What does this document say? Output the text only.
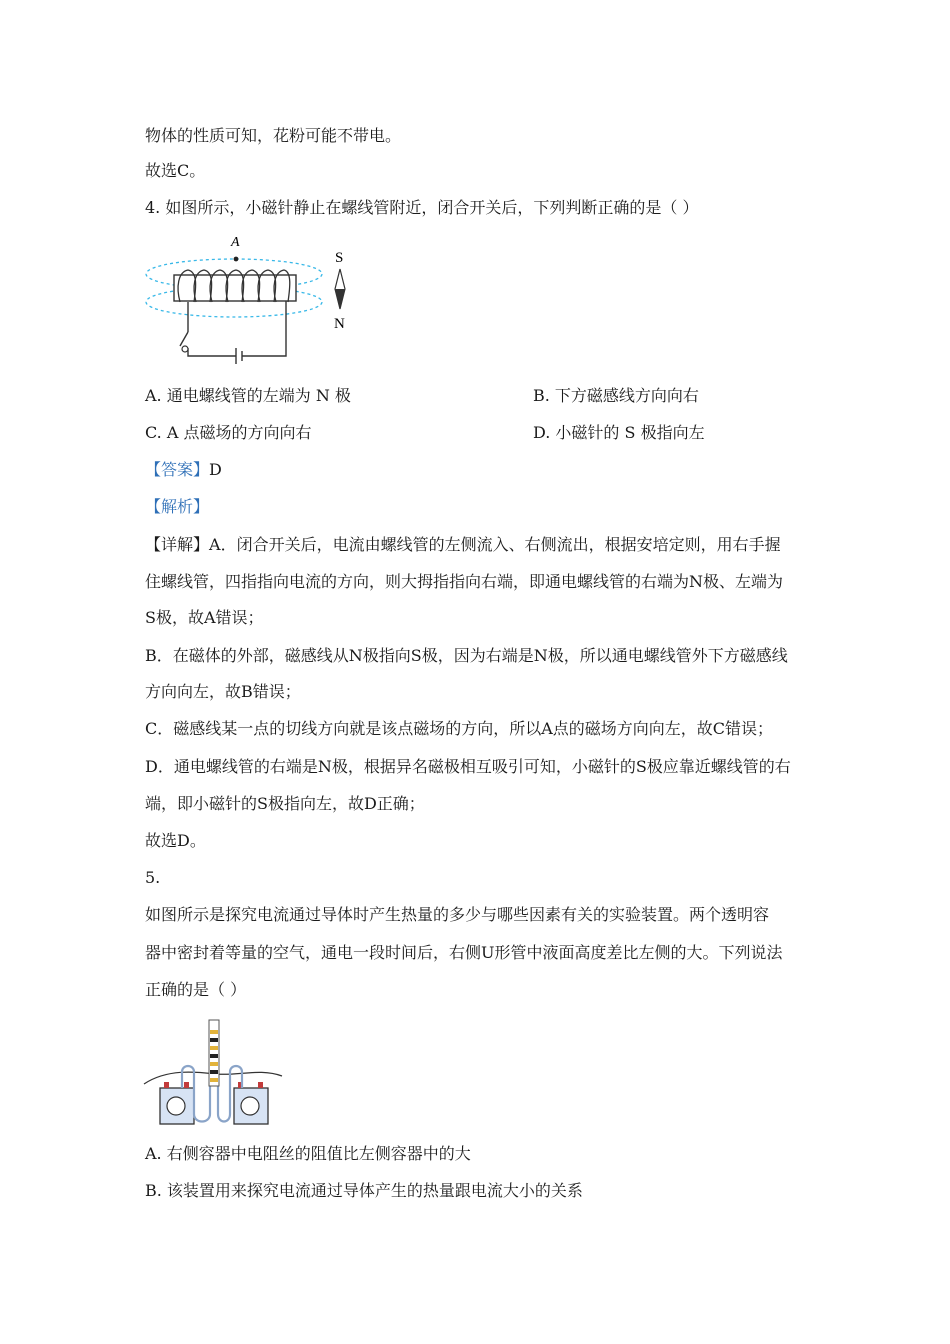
物体的性质可知，花粉可能不带电。
故选C。
4. 如图所示，小磁针静止在螺线管附近，闭合开关后，下列判断正确的是（ ）
A
S
N
A. 通电螺线管的左端为 N 极	B. 下方磁感线方向向右
C. A 点磁场的方向向右	D. 小磁针的 S 极指向左
【答案】D
【解析】
【详解】A．闭合开关后，电流由螺线管的左侧流入、右侧流出，根据安培定则，用右手握
住螺线管，四指指向电流的方向，则大拇指指向右端，即通电螺线管的右端为N极、左端为
S极，故A错误；
B．在磁体的外部，磁感线从N极指向S极，因为右端是N极，所以通电螺线管外下方磁感线
方向向左，故B错误；
C．磁感线某一点的切线方向就是该点磁场的方向，所以A点的磁场方向向左，故C错误；
D．通电螺线管的右端是N极，根据异名磁极相互吸引可知，小磁针的S极应靠近螺线管的右
端，即小磁针的S极指向左，故D正确；
故选D。
5.
如图所示是探究电流通过导体时产生热量的多少与哪些因素有关的实验装置。两个透明容
器中密封着等量的空气，通电一段时间后，右侧U形管中液面高度差比左侧的大。下列说法
正确的是（ ）
A. 右侧容器中电阻丝的阻值比左侧容器中的大
B. 该装置用来探究电流通过导体产生的热量跟电流大小的关系
